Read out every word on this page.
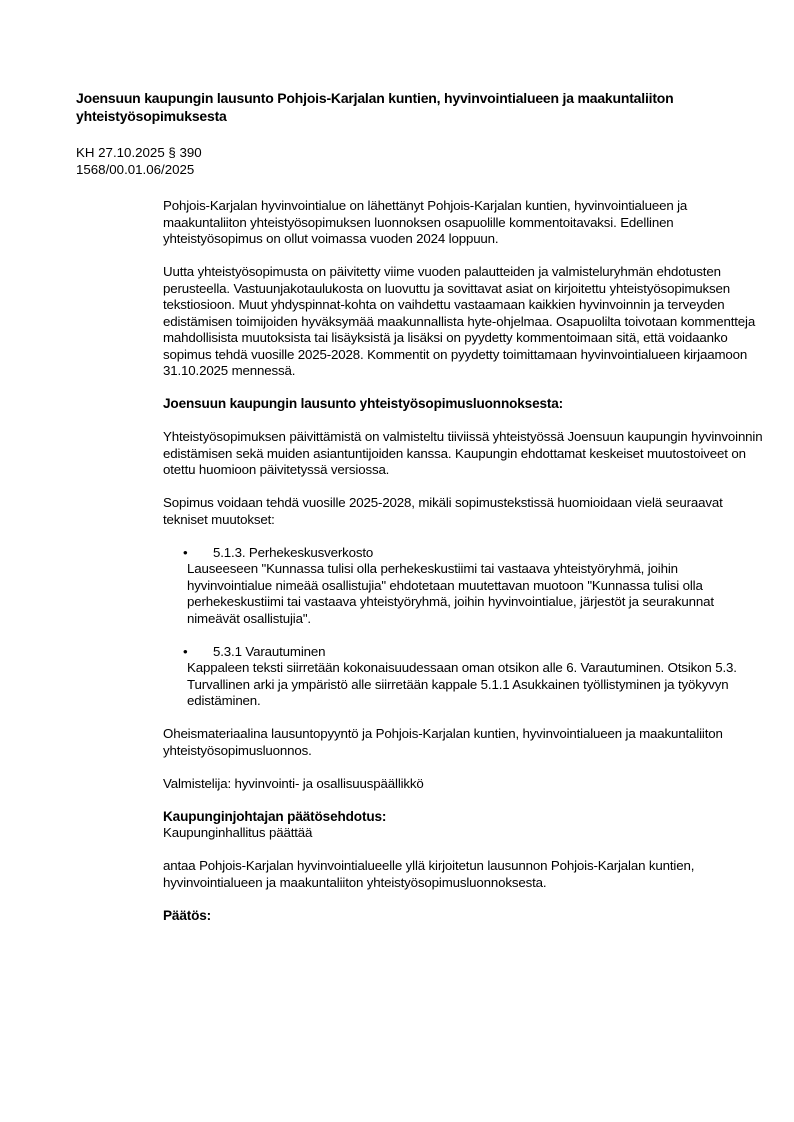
Joensuun kaupungin lausunto Pohjois-Karjalan kuntien, hyvinvointialueen ja maakuntaliiton yhteistyösopimuksesta
KH 27.10.2025 § 390
1568/00.01.06/2025

Pohjois-Karjalan hyvinvointialue on lähettänyt Pohjois-Karjalan kuntien, hyvinvointialueen ja maakuntaliiton yhteistyösopimuksen luonnoksen osapuolille kommentoitavaksi. Edellinen yhteistyösopimus on ollut voimassa vuoden 2024 loppuun.

Uutta yhteistyösopimusta on päivitetty viime vuoden palautteiden ja valmisteluryhmän ehdotusten perusteella. Vastuunjakotaulukosta on luovuttu ja sovittavat asiat on kirjoitettu yhteistyösopimuksen tekstiosioon. Muut yhdyspinnat-kohta on vaihdettu vastaamaan kaikkien hyvinvoinnin ja terveyden edistämisen toimijoiden hyväksymää maakunnallista hyte-ohjelmaa. Osapuolilta toivotaan kommentteja mahdollisista muutoksista tai lisäyksistä ja lisäksi on pyydetty kommentoimaan sitä, että voidaanko sopimus tehdä vuosille 2025-2028. Kommentit on pyydetty toimittamaan hyvinvointialueen kirjaamoon 31.10.2025 mennessä.

Joensuun kaupungin lausunto yhteistyösopimusluonnoksesta:

Yhteistyösopimuksen päivittämistä on valmisteltu tiiviissä yhteistyössä Joensuun kaupungin hyvinvoinnin edistämisen sekä muiden asiantuntijoiden kanssa. Kaupungin ehdottamat keskeiset muutostoiveet on otettu huomioon päivitetyssä versiossa.

Sopimus voidaan tehdä vuosille 2025-2028, mikäli sopimustekstissä huomioidaan vielä seuraavat tekniset muutokset:

• 5.1.3. Perhekeskusverkosto
Lauseeseen "Kunnassa tulisi olla perhekeskustiimi tai vastaava yhteistyöryhmä, joihin hyvinvointialue nimeää osallistujia" ehdotetaan muutettavan muotoon "Kunnassa tulisi olla perhekeskustiimi tai vastaava yhteistyöryhmä, joihin hyvinvointialue, järjestöt ja seurakunnat nimeävät osallistujia".
• 5.3.1 Varautuminen
Kappaleen teksti siirretään kokonaisuudessaan oman otsikon alle 6. Varautuminen. Otsikon 5.3. Turvallinen arki ja ympäristö alle siirretään kappale 5.1.1 Asukkainen työllistyminen ja työkyvyn edistäminen.

Oheismateriaalina lausuntopyyntö ja Pohjois-Karjalan kuntien, hyvinvointialueen ja maakuntaliiton yhteistyösopimusluonnos.

Valmistelija: hyvinvointi- ja osallisuuspäällikkö

Kaupunginjohtajan päätösehdotus:

Kaupunginhallitus päättää

antaa Pohjois-Karjalan hyvinvointialueelle yllä kirjoitetun lausunnon Pohjois-Karjalan kuntien, hyvinvointialueen ja maakuntaliiton yhteistyösopimusluonnoksesta.

Päätös:
